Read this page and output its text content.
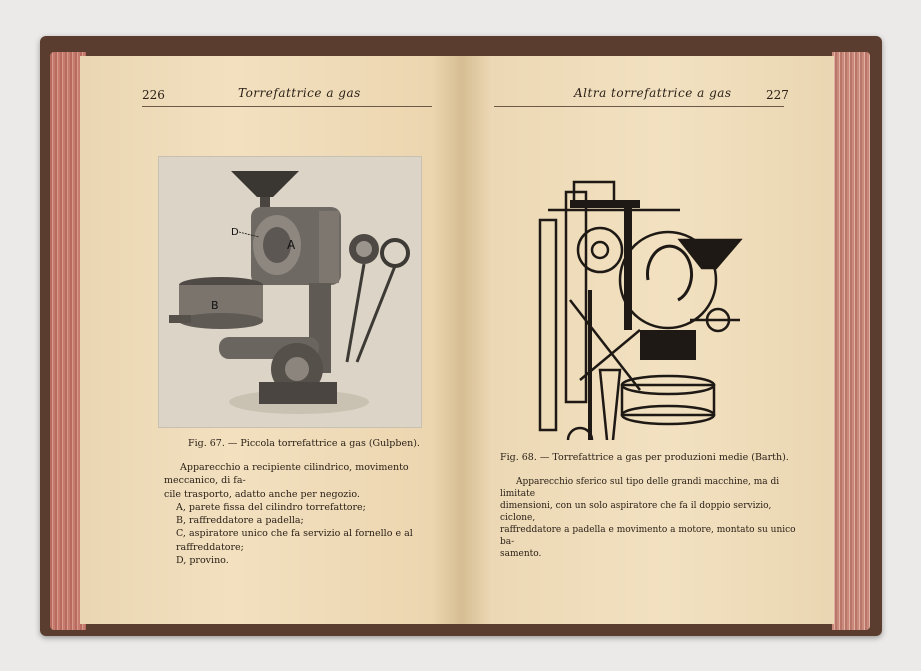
226	Torrefattrice a gas
D
A
B
Fig. 67. — Piccola torrefattrice a gas (Gulpben).

Apparecchio a recipiente cilindrico, movimento meccanico, di fa-

cile trasporto, adatto anche per negozio.

A, parete fissa del cilindro torrefattore;

B, raffreddatore a padella;

C, aspiratore unico che fa servizio al fornello e al raffreddatore;

D, provino.

Altra torrefattrice a gas	227
Fig. 68. — Torrefattrice a gas per produzioni medie (Barth).

Apparecchio sferico sul tipo delle grandi macchine, ma di limitate

dimensioni, con un solo aspiratore che fa il doppio servizio, ciclone,

raffreddatore a padella e movimento a motore, montato su unico ba-

samento.
